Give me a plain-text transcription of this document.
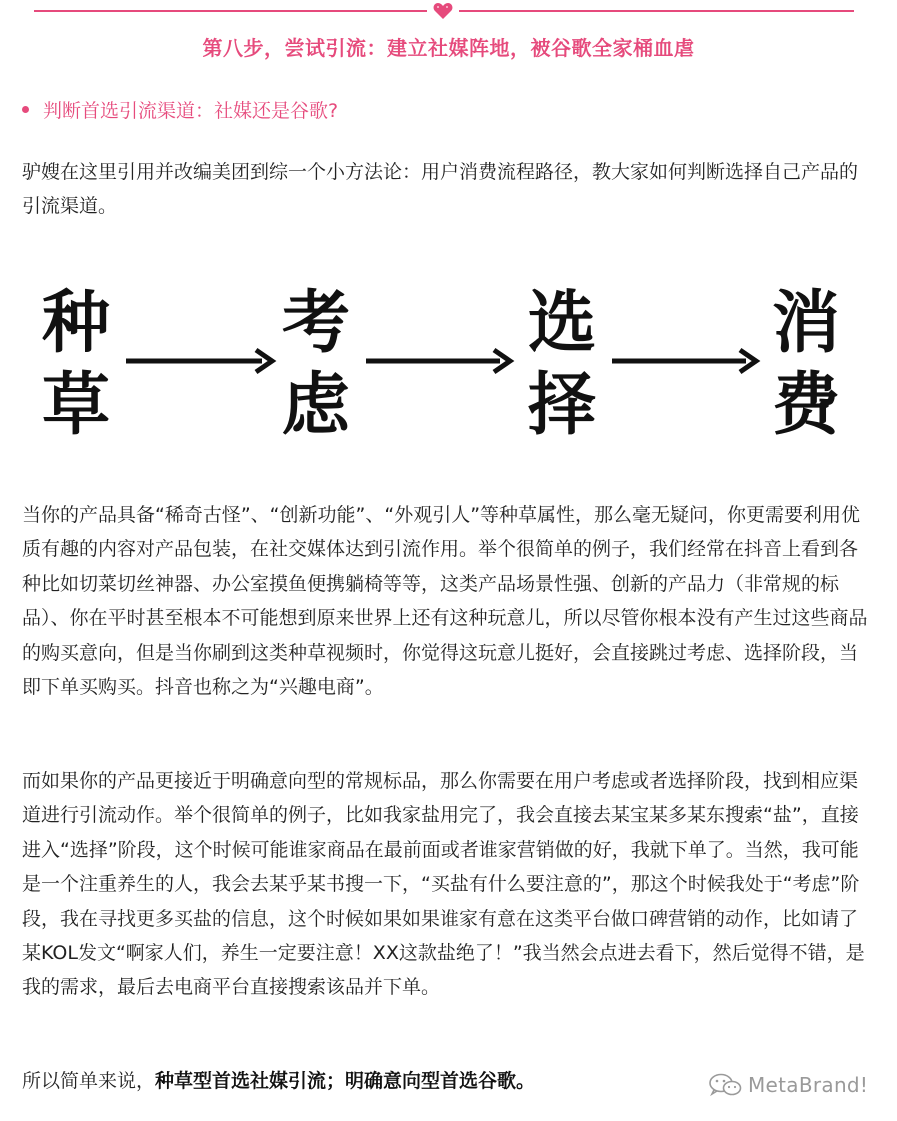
第八步，尝试引流：建立社媒阵地，被谷歌全家桶血虐
判断首选引流渠道：社媒还是谷歌?

驴嫂在这里引用并改编美团到综一个小方法论：用户消费流程路径，教大家如何判断选择自己产品的引流渠道。

种
草
考
虑
选
择
消
费

当你的产品具备“稀奇古怪”、“创新功能”、“外观引人”等种草属性，那么毫无疑问，你更需要利用优质有趣的内容对产品包装，在社交媒体达到引流作用。举个很简单的例子，我们经常在抖音上看到各种比如切菜切丝神器、办公室摸鱼便携躺椅等等，这类产品场景性强、创新的产品力（非常规的标品）、你在平时甚至根本不可能想到原来世界上还有这种玩意儿，所以尽管你根本没有产生过这些商品的购买意向，但是当你刷到这类种草视频时，你觉得这玩意儿挺好，会直接跳过考虑、选择阶段，当即下单买购买。抖音也称之为“兴趣电商”。

而如果你的产品更接近于明确意向型的常规标品，那么你需要在用户考虑或者选择阶段，找到相应渠道进行引流动作。举个很简单的例子，比如我家盐用完了，我会直接去某宝某多某东搜索“盐”，直接进入“选择”阶段，这个时候可能谁家商品在最前面或者谁家营销做的好，我就下单了。当然，我可能是一个注重养生的人，我会去某乎某书搜一下，“买盐有什么要注意的”，那这个时候我处于“考虑”阶段，我在寻找更多买盐的信息，这个时候如果如果谁家有意在这类平台做口碑营销的动作，比如请了某KOL发文“啊家人们，养生一定要注意！XX这款盐绝了！”我当然会点进去看下，然后觉得不错，是我的需求，最后去电商平台直接搜索该品并下单。

所以简单来说，种草型首选社媒引流；明确意向型首选谷歌。	MetaBrand!
